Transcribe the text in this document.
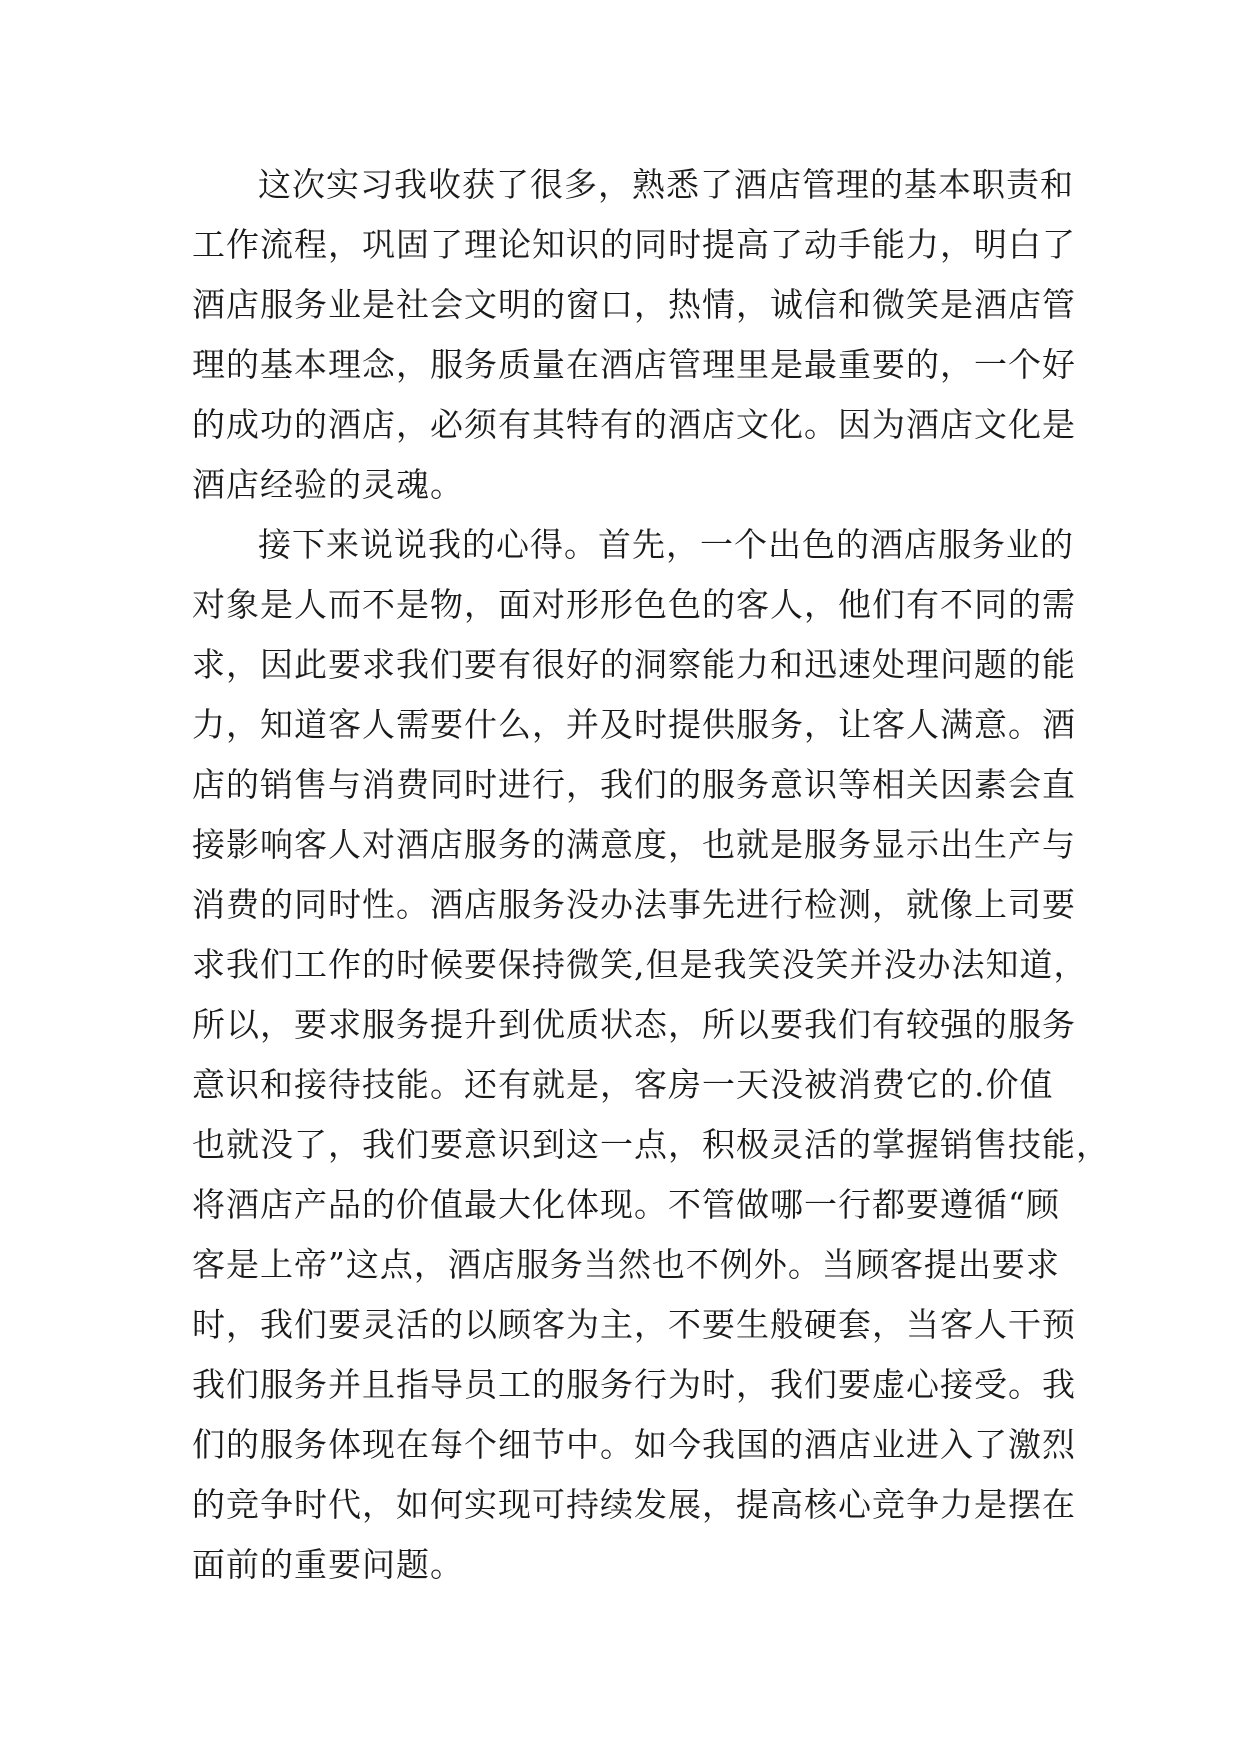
这次实习我收获了很多，熟悉了酒店管理的基本职责和
工作流程，巩固了理论知识的同时提高了动手能力，明白了
酒店服务业是社会文明的窗口，热情，诚信和微笑是酒店管
理的基本理念，服务质量在酒店管理里是最重要的，一个好
的成功的酒店，必须有其特有的酒店文化。因为酒店文化是
酒店经验的灵魂。
接下来说说我的心得。首先，一个出色的酒店服务业的
对象是人而不是物，面对形形色色的客人，他们有不同的需
求，因此要求我们要有很好的洞察能力和迅速处理问题的能
力，知道客人需要什么，并及时提供服务，让客人满意。酒
店的销售与消费同时进行，我们的服务意识等相关因素会直
接影响客人对酒店服务的满意度，也就是服务显示出生产与
消费的同时性。酒店服务没办法事先进行检测，就像上司要
求我们工作的时候要保持微笑,但是我笑没笑并没办法知道，
所以，要求服务提升到优质状态，所以要我们有较强的服务
意识和接待技能。还有就是，客房一天没被消费它的.价值
也就没了，我们要意识到这一点，积极灵活的掌握销售技能，
将酒店产品的价值最大化体现。不管做哪一行都要遵循“顾
客是上帝”这点，酒店服务当然也不例外。当顾客提出要求
时，我们要灵活的以顾客为主，不要生般硬套，当客人干预
我们服务并且指导员工的服务行为时，我们要虚心接受。我
们的服务体现在每个细节中。如今我国的酒店业进入了激烈
的竞争时代，如何实现可持续发展，提高核心竞争力是摆在
面前的重要问题。
